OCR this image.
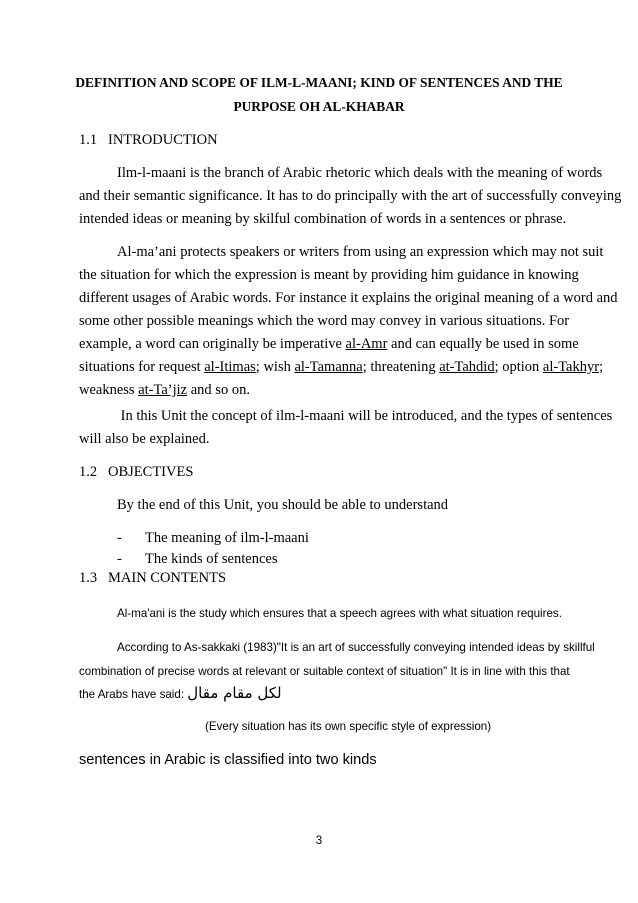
DEFINITION AND SCOPE OF ILM-L-MAANI; KIND OF SENTENCES AND THE
PURPOSE OH AL-KHABAR
1.1 INTRODUCTION
Ilm-l-maani is the branch of Arabic rhetoric which deals with the meaning of words
and their semantic significance. It has to do principally with the art of successfully conveying
intended ideas or meaning by skilful combination of words in a sentences or phrase.
Al-ma’ani protects speakers or writers from using an expression which may not suit
the situation for which the expression is meant by providing him guidance in knowing
different usages of Arabic words. For instance it explains the original meaning of a word and
some other possible meanings which the word may convey in various situations. For
example, a word can originally be imperative al-Amr and can equally be used in some
situations for request al-Itimas; wish al-Tamanna; threatening at-Tahdid; option al-Takhyr;
weakness at-Ta’jiz and so on.
In this Unit the concept of ilm-l-maani will be introduced, and the types of sentences
will also be explained.
1.2 OBJECTIVES
By the end of this Unit, you should be able to understand
- The meaning of ilm-l-maani
- The kinds of sentences
1.3 MAIN CONTENTS
Al-ma'ani is the study which ensures that a speech agrees with what situation requires.
According to As-sakkaki (1983)"It is an art of successfully conveying intended ideas by skillful
combination of precise words at relevant or suitable context of situation" It is in line with this that
the Arabs have said: لكل مقام مقال
(Every situation has its own specific style of expression)
sentences in Arabic is classified into two kinds
3
